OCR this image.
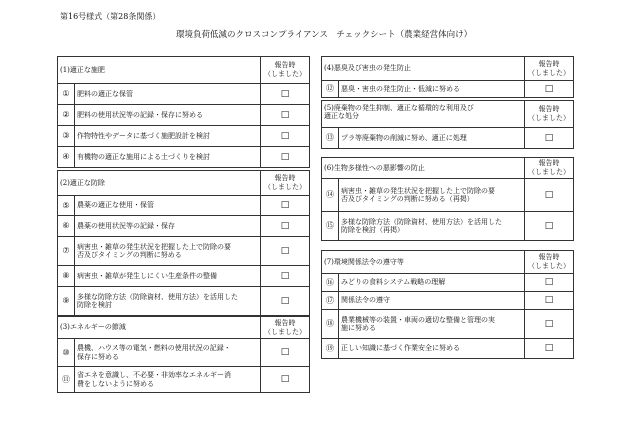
第16号様式（第28条関係）
環境負荷低減のクロスコンプライアンス　チェックシート（農業経営体向け）
(1)適正な施肥		報告時
（しました）

①	肥料の適正な保管	□
②	肥料の使用状況等の記録・保存に努める	□
③	作物特性やデータに基づく施肥設計を検討	□
④	有機物の適正な施用による土づくりを検討	□
(2)適正な防除		報告時
（しました）

⑤	農薬の適正な使用・保管	□
⑥	農薬の使用状況等の記録・保存	□
⑦	病害虫・雑草の発生状況を把握した上で防除の要
否及びタイミングの判断に努める	□
⑧	病害虫・雑草が発生しにくい生産条件の整備	□
⑨	多様な防除方法（防除資材、使用方法）を活用した
防除を検討	□
(3)エネルギーの節減		報告時
（しました）

⑩	農機、ハウス等の電気・燃料の使用状況の記録・
保存に努める	□
⑪	省エネを意識し、不必要・非効率なエネルギー消
費をしないように努める	□
(4)悪臭及び害虫の発生防止		報告時
（しました）

⑫	悪臭・害虫の発生防止・低減に努める	□
(5)廃棄物の発生抑制、適正な循環的な利用及び
適正な処分		報告時
（しました）

⑬	プラ等廃棄物の削減に努め、適正に処理	□
(6)生物多様性への悪影響の防止		報告時
（しました）

⑭	病害虫・雑草の発生状況を把握した上で防除の要
否及びタイミングの判断に努める（再掲）	□
⑮	多様な防除方法（防除資材、使用方法）を活用した
防除を検討（再掲）	□
(7)環境関係法令の遵守等		報告時
（しました）

⑯	みどりの食料システム戦略の理解	□
⑰	関係法令の遵守	□
⑱	農業機械等の装置・車両の適切な整備と管理の実
施に努める	□
⑲	正しい知識に基づく作業安全に努める	□
